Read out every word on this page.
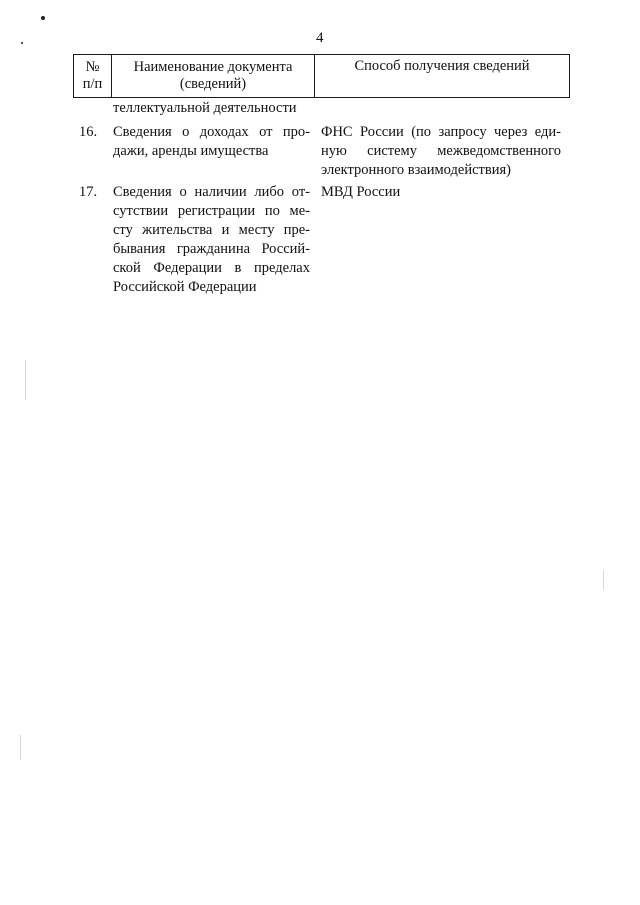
4
№
п/п
Наименование документа
(сведений)
Способ получения сведений
теллектуальной деятельности
16. Сведения о доходах от про-
дажи, аренды имущества
ФНС России (по запросу через еди-
ную систему межведомственного
электронного взаимодействия)
17. Сведения о наличии либо от-
сутствии регистрации по ме-
сту жительства и месту пре-
бывания гражданина Россий-
ской Федерации в пределах
Российской Федерации
МВД России
